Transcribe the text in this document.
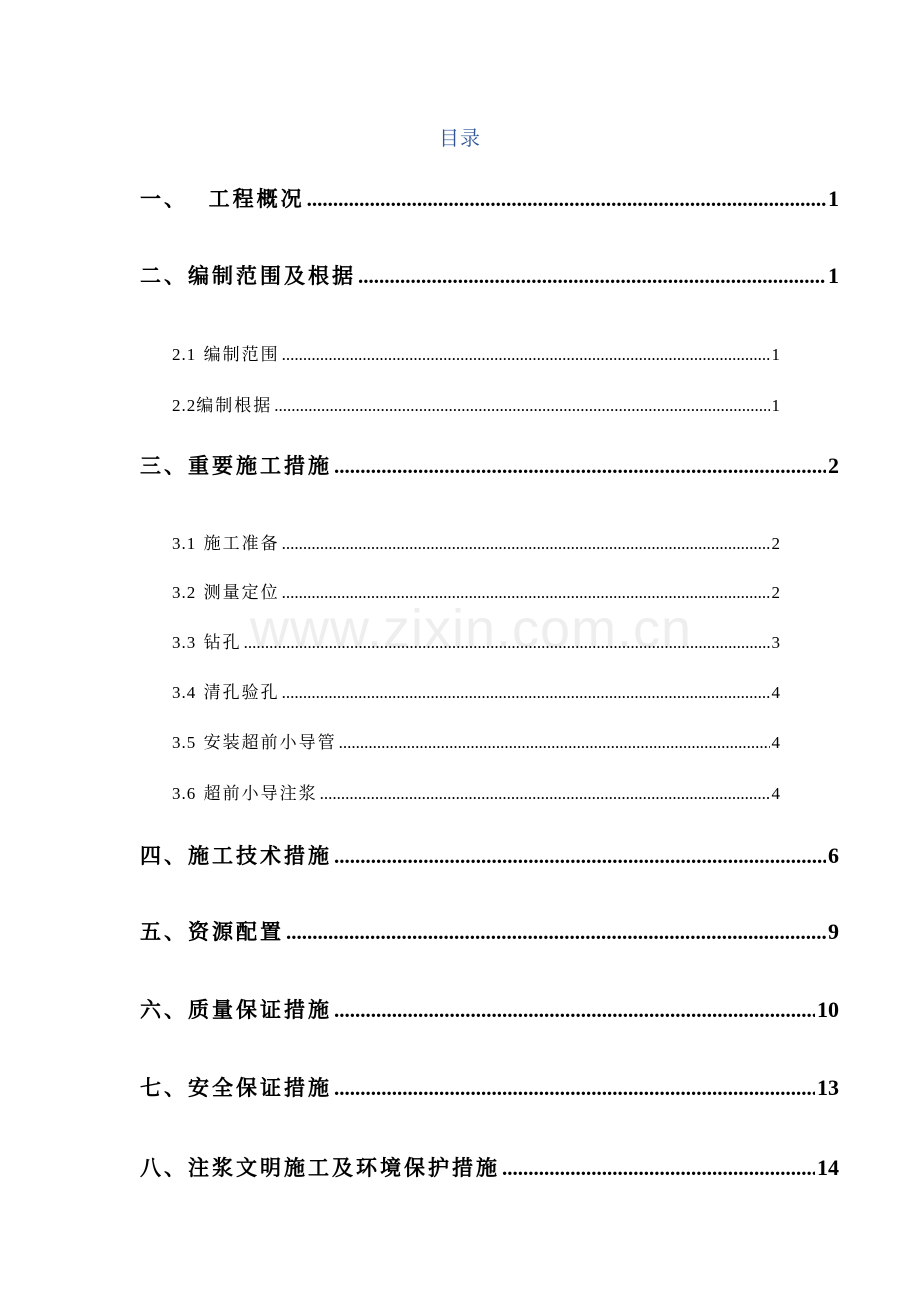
目录
www.zixin.com.cn
一、  工程概况 .....	1
二、编制范围及根据 .....	1
2.1 编制范围 .....	1
2.2 编制根据 .....	1
三、重要施工措施 .....	2
3.1 施工准备 .....	2
3.2 测量定位 .....	2
3.3 钻孔 .....	3
3.4 清孔验孔 .....	4
3.5 安装超前小导管 .....	4
3.6 超前小导注浆 .....	4
四、施工技术措施 .....	6
五、资源配置 .....	9
六、质量保证措施 .....	10
七、安全保证措施 .....	13
八、注浆文明施工及环境保护措施 .....	14
